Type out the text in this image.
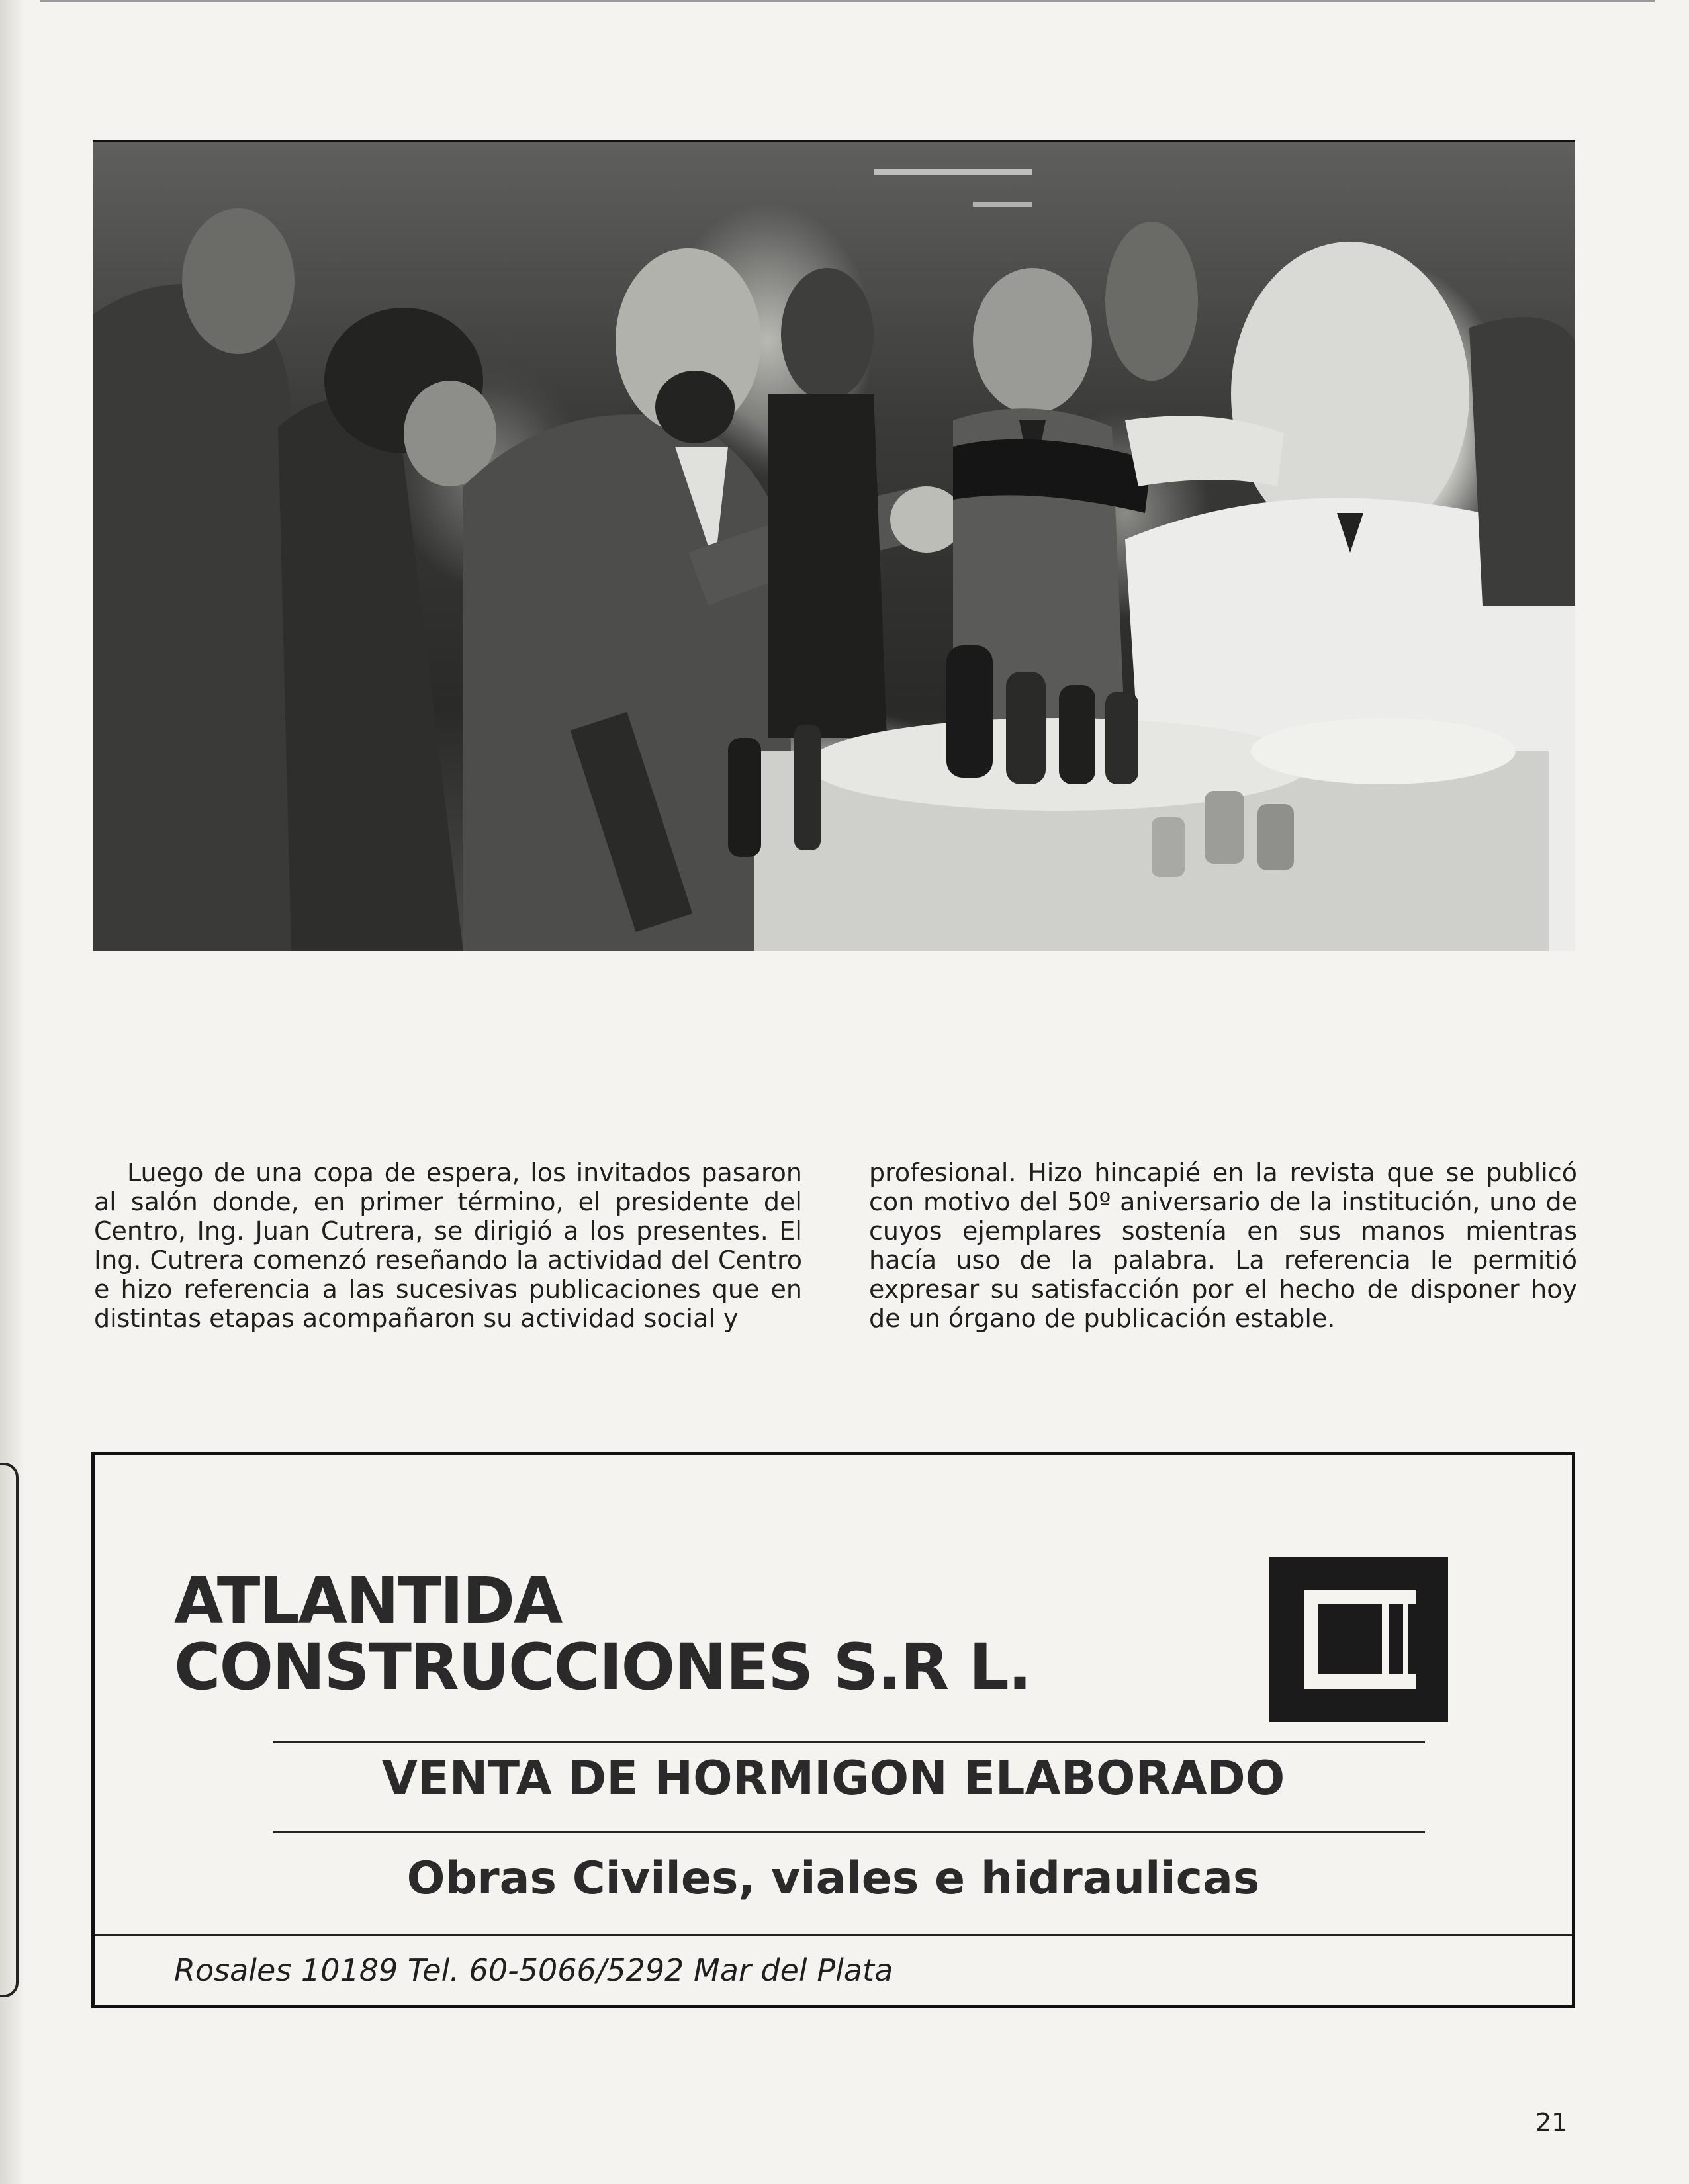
Luego de una copa de espera, los invitados pasaron al salón donde, en primer término, el presidente del Centro, Ing. Juan Cutrera, se dirigió a los presentes. El Ing. Cutrera comenzó reseñando la actividad del Centro e hizo referencia a las sucesivas publicaciones que en distintas etapas acompañaron su actividad social y

profesional. Hizo hincapié en la revista que se publicó con motivo del 50º aniversario de la institución, uno de cuyos ejemplares sostenía en sus manos mientras hacía uso de la palabra. La referencia le permitió expresar su satisfacción por el hecho de disponer hoy de un órgano de publicación estable.

ATLANTIDA
CONSTRUCCIONES S.R L.
VENTA DE HORMIGON ELABORADO
Obras Civiles, viales e hidraulicas
Rosales 10189 Tel. 60-5066/5292 Mar del Plata
21
